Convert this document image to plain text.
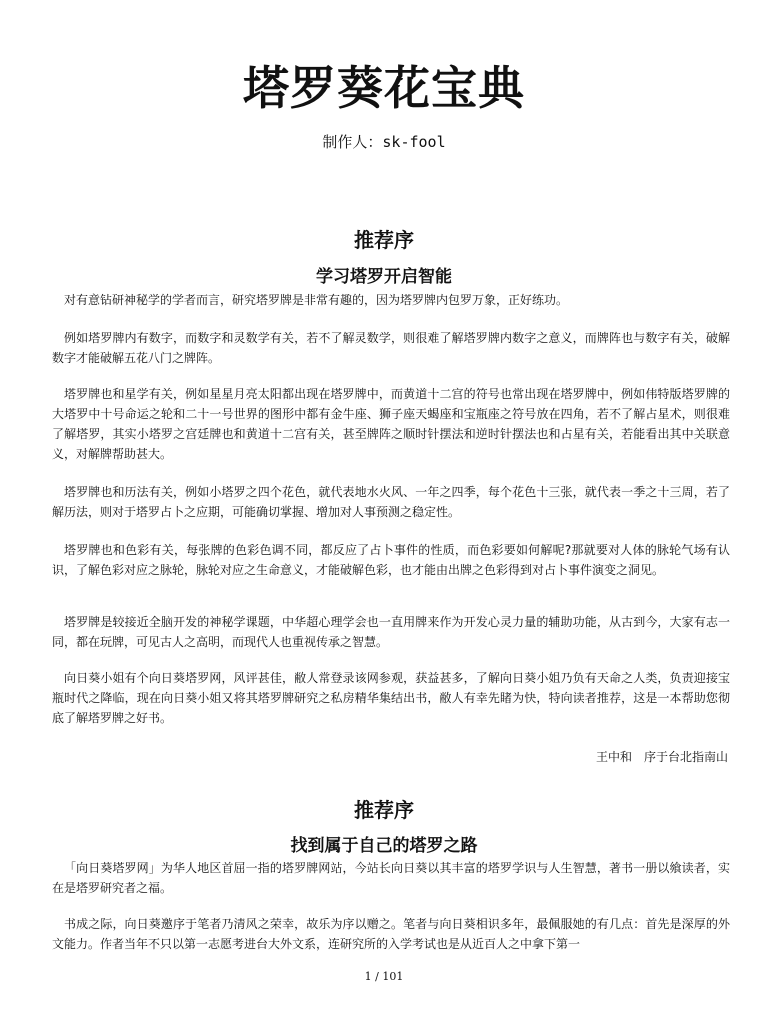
塔罗葵花宝典
制作人：sk-fool
推荐序
学习塔罗开启智能

对有意钻研神秘学的学者而言，研究塔罗牌是非常有趣的，因为塔罗牌内包罗万象，正好练功。

例如塔罗牌内有数字，而数字和灵数学有关，若不了解灵数学，则很难了解塔罗牌内数字之意义，而牌阵也与数字有关，破解数字才能破解五花八门之牌阵。

塔罗牌也和星学有关，例如星星月亮太阳都出现在塔罗牌中，而黄道十二宫的符号也常出现在塔罗牌中，例如伟特版塔罗牌的大塔罗中十号命运之轮和二十一号世界的图形中都有金牛座、狮子座天蝎座和宝瓶座之符号放在四角，若不了解占星术，则很难了解塔罗，其实小塔罗之宫廷牌也和黄道十二宫有关，甚至牌阵之顺时针摆法和逆时针摆法也和占星有关，若能看出其中关联意义，对解牌帮助甚大。

塔罗牌也和历法有关，例如小塔罗之四个花色，就代表地水火风、一年之四季，每个花色十三张，就代表一季之十三周，若了解历法，则对于塔罗占卜之应期，可能确切掌握、增加对人事预测之稳定性。

塔罗牌也和色彩有关，每张牌的色彩色调不同，都反应了占卜事件的性质，而色彩要如何解呢?那就要对人体的脉轮气场有认识，了解色彩对应之脉轮，脉轮对应之生命意义，才能破解色彩，也才能由出牌之色彩得到对占卜事件演变之洞见。

塔罗牌是较接近全脑开发的神秘学课题，中华超心理学会也一直用牌来作为开发心灵力量的辅助功能，从古到今，大家有志一同，都在玩牌，可见古人之高明，而现代人也重视传承之智慧。

向日葵小姐有个向日葵塔罗网，风评甚佳，敝人常登录该网参观，获益甚多，了解向日葵小姐乃负有天命之人类，负责迎接宝瓶时代之降临，现在向日葵小姐又将其塔罗牌研究之私房精华集结出书，敝人有幸先睹为快，特向读者推荐，这是一本帮助您彻底了解塔罗牌之好书。

王中和　序于台北指南山
推荐序
找到属于自己的塔罗之路

「向日葵塔罗网」为华人地区首屈一指的塔罗牌网站，今站长向日葵以其丰富的塔罗学识与人生智慧，著书一册以飨读者，实在是塔罗研究者之福。

书成之际，向日葵邀序于笔者乃清风之荣幸，故乐为序以赠之。笔者与向日葵相识多年，最佩服她的有几点：首先是深厚的外文能力。作者当年不只以第一志愿考进台大外文系，连研究所的入学考试也是从近百人之中拿下第一

1 / 101
